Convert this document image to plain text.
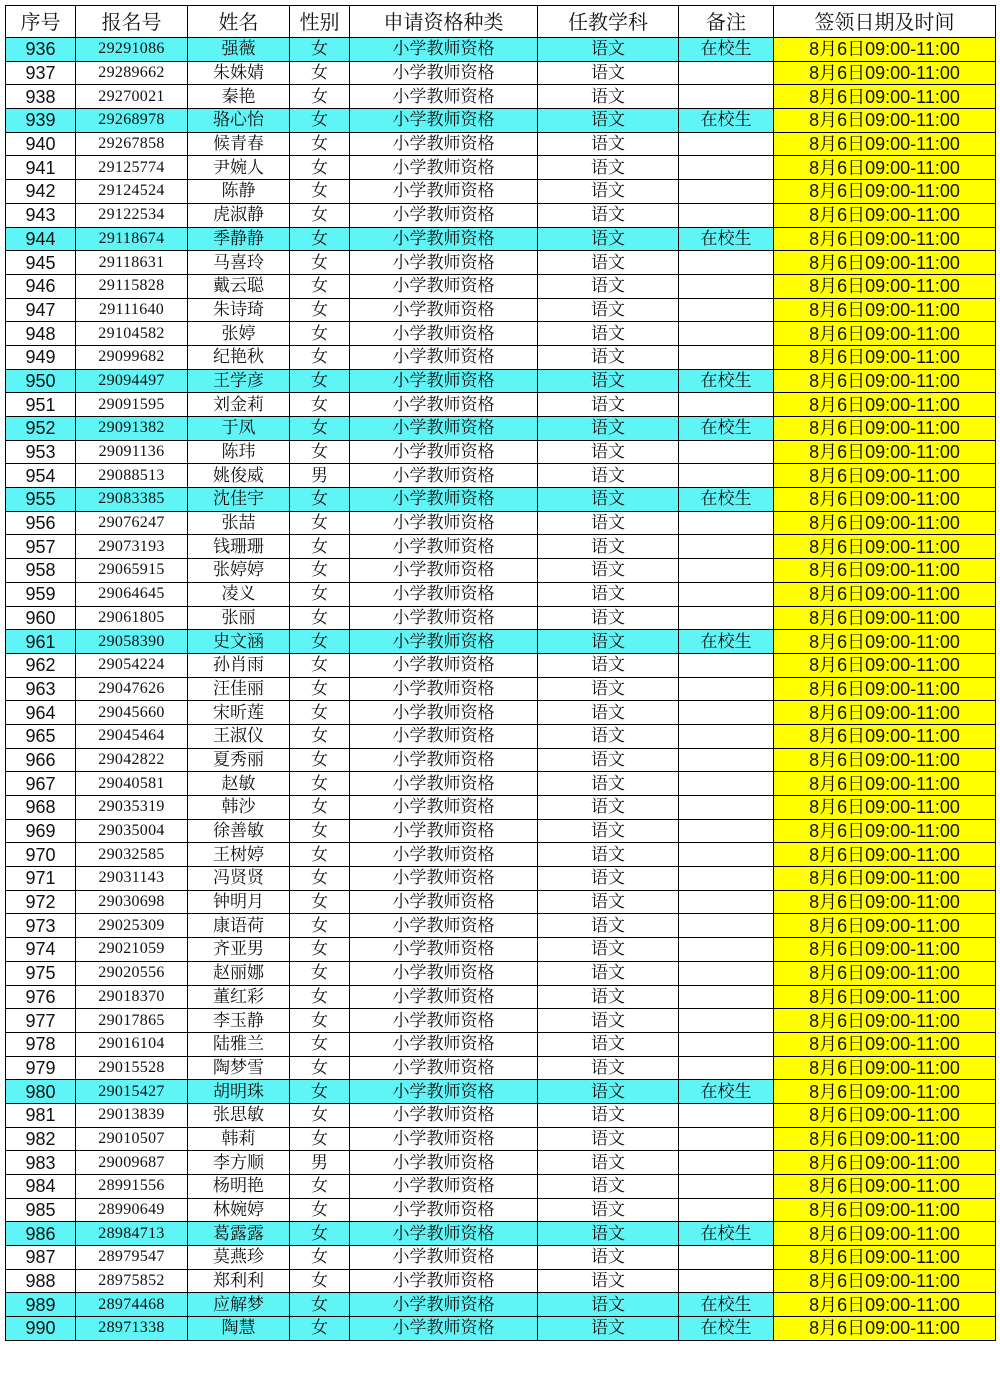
序号	报名号	姓名	性别	申请资格种类	任教学科	备注	签领日期及时间
936	29291086	强薇	女	小学教师资格	语文	在校生	8月6日09:00-11:00
937	29289662	朱姝婧	女	小学教师资格	语文		8月6日09:00-11:00
938	29270021	秦艳	女	小学教师资格	语文		8月6日09:00-11:00
939	29268978	骆心怡	女	小学教师资格	语文	在校生	8月6日09:00-11:00
940	29267858	候青春	女	小学教师资格	语文		8月6日09:00-11:00
941	29125774	尹婉人	女	小学教师资格	语文		8月6日09:00-11:00
942	29124524	陈静	女	小学教师资格	语文		8月6日09:00-11:00
943	29122534	虎淑静	女	小学教师资格	语文		8月6日09:00-11:00
944	29118674	季静静	女	小学教师资格	语文	在校生	8月6日09:00-11:00
945	29118631	马喜玲	女	小学教师资格	语文		8月6日09:00-11:00
946	29115828	戴云聪	女	小学教师资格	语文		8月6日09:00-11:00
947	29111640	朱诗琦	女	小学教师资格	语文		8月6日09:00-11:00
948	29104582	张婷	女	小学教师资格	语文		8月6日09:00-11:00
949	29099682	纪艳秋	女	小学教师资格	语文		8月6日09:00-11:00
950	29094497	王学彦	女	小学教师资格	语文	在校生	8月6日09:00-11:00
951	29091595	刘金莉	女	小学教师资格	语文		8月6日09:00-11:00
952	29091382	于凤	女	小学教师资格	语文	在校生	8月6日09:00-11:00
953	29091136	陈玮	女	小学教师资格	语文		8月6日09:00-11:00
954	29088513	姚俊威	男	小学教师资格	语文		8月6日09:00-11:00
955	29083385	沈佳宇	女	小学教师资格	语文	在校生	8月6日09:00-11:00
956	29076247	张喆	女	小学教师资格	语文		8月6日09:00-11:00
957	29073193	钱珊珊	女	小学教师资格	语文		8月6日09:00-11:00
958	29065915	张婷婷	女	小学教师资格	语文		8月6日09:00-11:00
959	29064645	凌义	女	小学教师资格	语文		8月6日09:00-11:00
960	29061805	张丽	女	小学教师资格	语文		8月6日09:00-11:00
961	29058390	史文涵	女	小学教师资格	语文	在校生	8月6日09:00-11:00
962	29054224	孙肖雨	女	小学教师资格	语文		8月6日09:00-11:00
963	29047626	汪佳丽	女	小学教师资格	语文		8月6日09:00-11:00
964	29045660	宋昕莲	女	小学教师资格	语文		8月6日09:00-11:00
965	29045464	王淑仪	女	小学教师资格	语文		8月6日09:00-11:00
966	29042822	夏秀丽	女	小学教师资格	语文		8月6日09:00-11:00
967	29040581	赵敏	女	小学教师资格	语文		8月6日09:00-11:00
968	29035319	韩沙	女	小学教师资格	语文		8月6日09:00-11:00
969	29035004	徐善敏	女	小学教师资格	语文		8月6日09:00-11:00
970	29032585	王树婷	女	小学教师资格	语文		8月6日09:00-11:00
971	29031143	冯贤贤	女	小学教师资格	语文		8月6日09:00-11:00
972	29030698	钟明月	女	小学教师资格	语文		8月6日09:00-11:00
973	29025309	康语荷	女	小学教师资格	语文		8月6日09:00-11:00
974	29021059	齐亚男	女	小学教师资格	语文		8月6日09:00-11:00
975	29020556	赵丽娜	女	小学教师资格	语文		8月6日09:00-11:00
976	29018370	董红彩	女	小学教师资格	语文		8月6日09:00-11:00
977	29017865	李玉静	女	小学教师资格	语文		8月6日09:00-11:00
978	29016104	陆雅兰	女	小学教师资格	语文		8月6日09:00-11:00
979	29015528	陶梦雪	女	小学教师资格	语文		8月6日09:00-11:00
980	29015427	胡明珠	女	小学教师资格	语文	在校生	8月6日09:00-11:00
981	29013839	张思敏	女	小学教师资格	语文		8月6日09:00-11:00
982	29010507	韩莉	女	小学教师资格	语文		8月6日09:00-11:00
983	29009687	李方顺	男	小学教师资格	语文		8月6日09:00-11:00
984	28991556	杨明艳	女	小学教师资格	语文		8月6日09:00-11:00
985	28990649	林婉婷	女	小学教师资格	语文		8月6日09:00-11:00
986	28984713	葛露露	女	小学教师资格	语文	在校生	8月6日09:00-11:00
987	28979547	莫燕珍	女	小学教师资格	语文		8月6日09:00-11:00
988	28975852	郑利利	女	小学教师资格	语文		8月6日09:00-11:00
989	28974468	应解梦	女	小学教师资格	语文	在校生	8月6日09:00-11:00
990	28971338	陶慧	女	小学教师资格	语文	在校生	8月6日09:00-11:00
